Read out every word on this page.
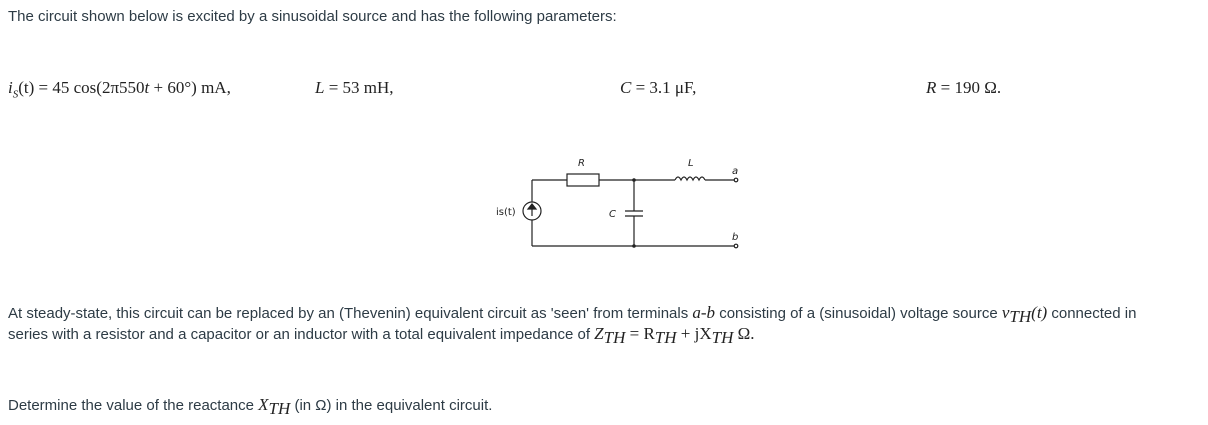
The circuit shown below is excited by a sinusoidal source and has the following parameters:
$i_S(t) = 45$ cos(2π550t + 60°) mA,	L = 53 mH,	C = 3.1 μF,	R = 190 Ω.
R	L
C
is(t)
a
b
At steady-state, this circuit can be replaced by an (Thevenin) equivalent circuit as 'seen' from terminals a-b consisting of a (sinusoidal) voltage source $v_{TH}(t)$ connected in
series with a resistor and a capacitor or an inductor with a total equivalent impedance of $Z_{TH} = R_{TH} + jX_{TH}$ Ω.
Determine the value of the reactance $X_{TH}$ (in Ω) in the equivalent circuit.
